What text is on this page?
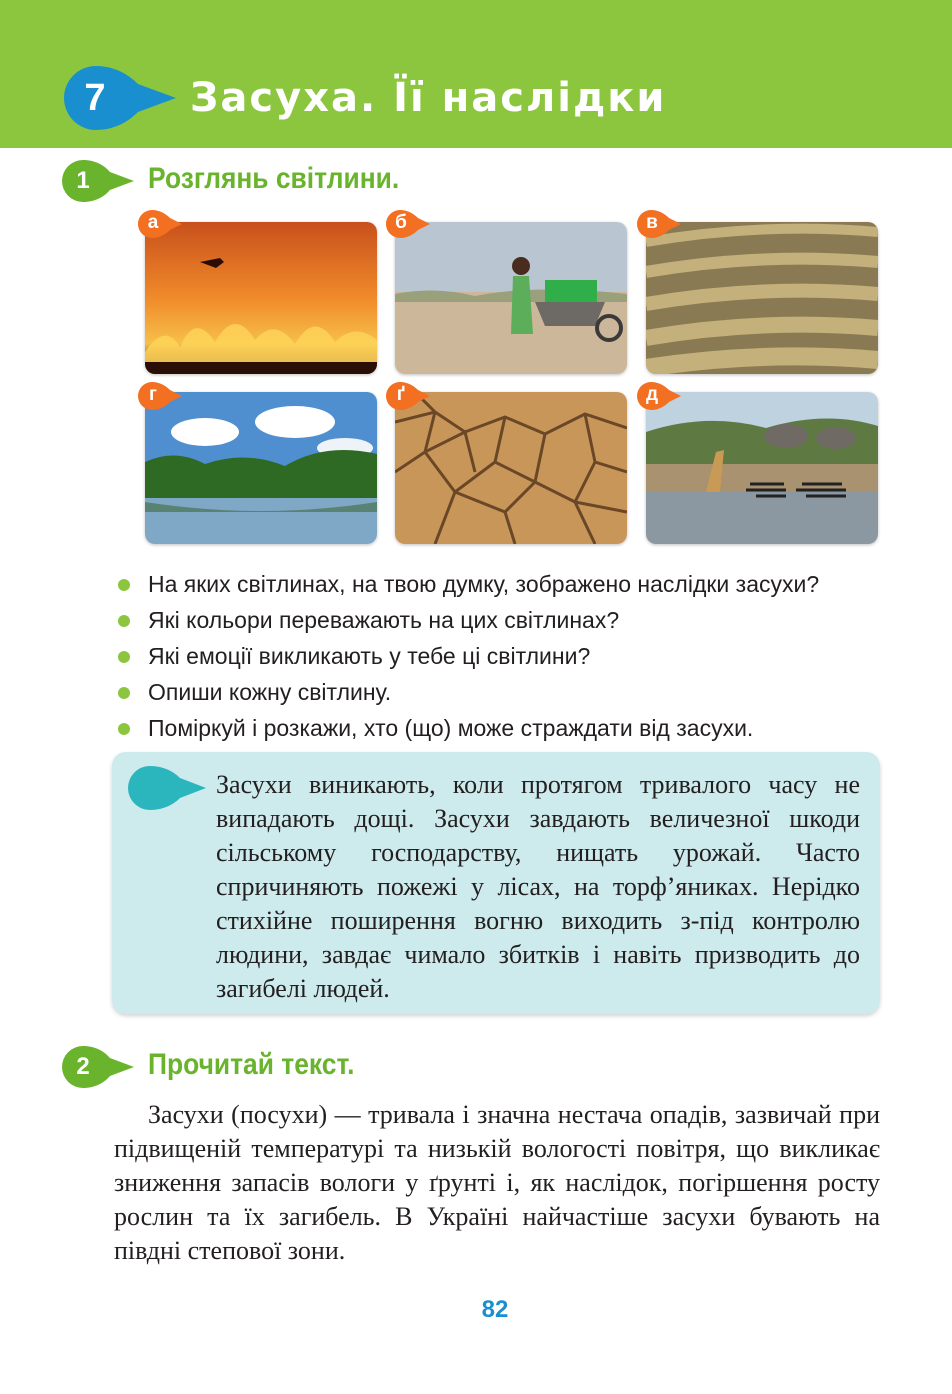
7	Засуха. Її наслідки
1	Розглянь світлини.
а	б	в
г	ґ	д
На яких світлинах, на твою думку, зображено наслідки засухи?
Які кольори переважають на цих світлинах?
Які емоції викликають у тебе ці світлини?
Опиши кожну світлину.
Поміркуй і розкажи, хто (що) може страждати від засухи.

Засухи виникають, коли протягом тривалого часу не випадають дощі. Засухи завдають величезної шкоди сільському господарству, нищать урожай. Часто спричиняють пожежі у лісах, на торф’яниках. Нерідко стихійне поширення вогню виходить з-під контролю людини, завдає чимало збитків і навіть призводить до загибелі людей.

2	Прочитай текст.

Засухи (посухи) — тривала і значна нестача опадів, зазвичай при підвищеній температурі та низькій вологості повітря, що викликає зниження запасів вологи у ґрунті і, як наслідок, погіршення росту рослин та їх загибель. В Україні найчастіше засухи бувають на півдні степової зони.

82
